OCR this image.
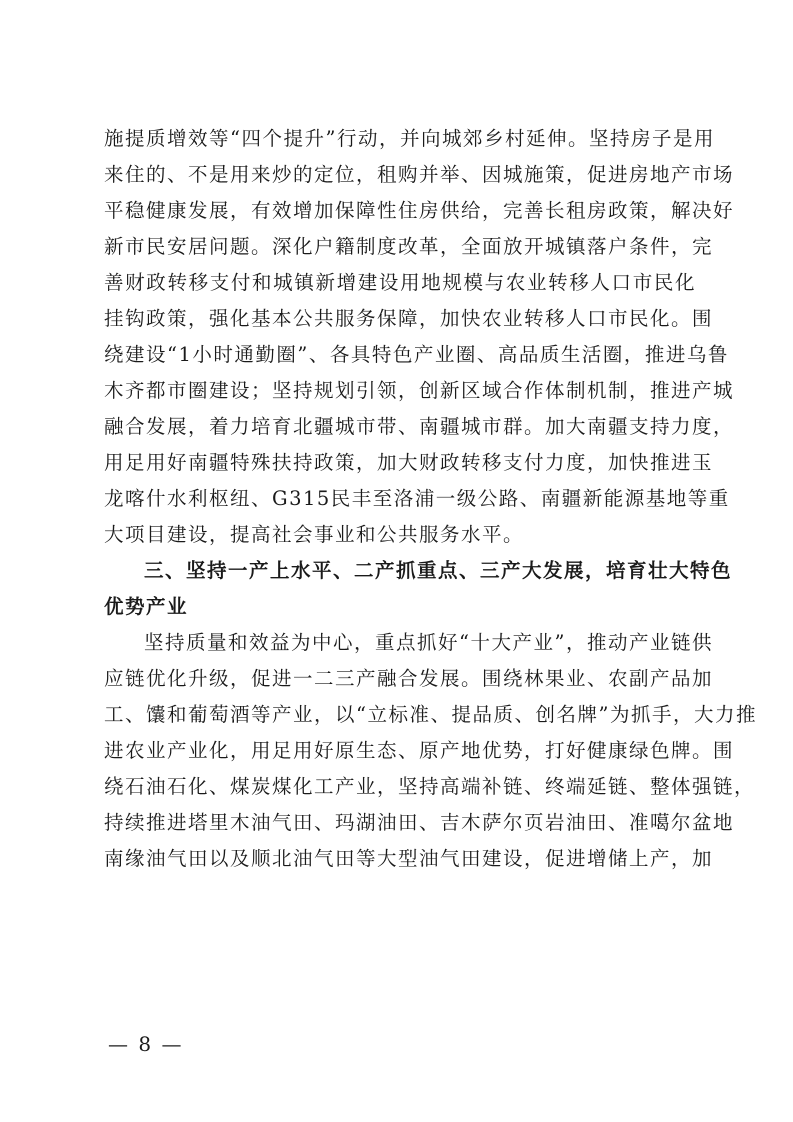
施提质增效等“四个提升”行动，并向城郊乡村延伸。坚持房子是用

来住的、不是用来炒的定位，租购并举、因城施策，促进房地产市场

平稳健康发展，有效增加保障性住房供给，完善长租房政策，解决好

新市民安居问题。深化户籍制度改革，全面放开城镇落户条件，完

善财政转移支付和城镇新增建设用地规模与农业转移人口市民化

挂钩政策，强化基本公共服务保障，加快农业转移人口市民化。围

绕建设“1小时通勤圈”、各具特色产业圈、高品质生活圈，推进乌鲁

木齐都市圈建设；坚持规划引领，创新区域合作体制机制，推进产城

融合发展，着力培育北疆城市带、南疆城市群。加大南疆支持力度，

用足用好南疆特殊扶持政策，加大财政转移支付力度，加快推进玉

龙喀什水利枢纽、G315民丰至洛浦一级公路、南疆新能源基地等重

大项目建设，提高社会事业和公共服务水平。

三、坚持一产上水平、二产抓重点、三产大发展，培育壮大特色

优势产业

坚持质量和效益为中心，重点抓好“十大产业”，推动产业链供

应链优化升级，促进一二三产融合发展。围绕林果业、农副产品加

工、馕和葡萄酒等产业，以“立标准、提品质、创名牌”为抓手，大力推

进农业产业化，用足用好原生态、原产地优势，打好健康绿色牌。围

绕石油石化、煤炭煤化工产业，坚持高端补链、终端延链、整体强链，

持续推进塔里木油气田、玛湖油田、吉木萨尔页岩油田、准噶尔盆地

南缘油气田以及顺北油气田等大型油气田建设，促进增储上产，加

— 8 —
